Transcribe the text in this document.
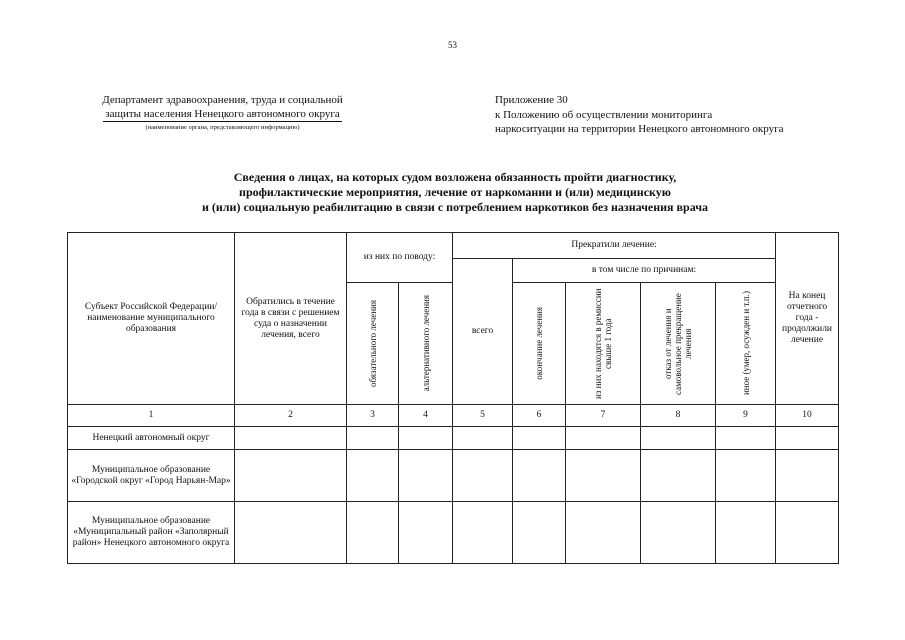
53
Департамент здравоохранения, труда и социальной
защиты населения Ненецкого автономного округа
(наименование органа, представляющего информацию)
Приложение 30
к Положению об осуществлении мониторинга
наркоситуации на территории Ненецкого автономного округа
Сведения о лицах, на которых судом возложена обязанность пройти диагностику,
профилактические мероприятия, лечение от наркомании и (или) медицинскую
и (или) социальную реабилитацию в связи с потреблением наркотиков без назначения врача
Субъект Российской Федерации/ наименование муниципального образования	Обратились в течение года в связи с решением суда о назначении лечения, всего	из них по поводу:		Прекратили лечение:					На конец отчетного года - продолжили лечение
				всего	в том числе по причинам:				

		обязательного лечения	альтернативного лечения		окончание лечения	из них находятся в ремиссии свыше 1 года	отказ от лечения и самовольное прекращение лечения	иное (умер, осужден и т.п.)	

1	2	3	4	5	6	7	8	9	10
Ненецкий автономный округ									
Муниципальное образование «Городской округ «Город Нарьян-Мар»									
Муниципальное образование «Муниципальный район «Заполярный район» Ненецкого автономного округа									
